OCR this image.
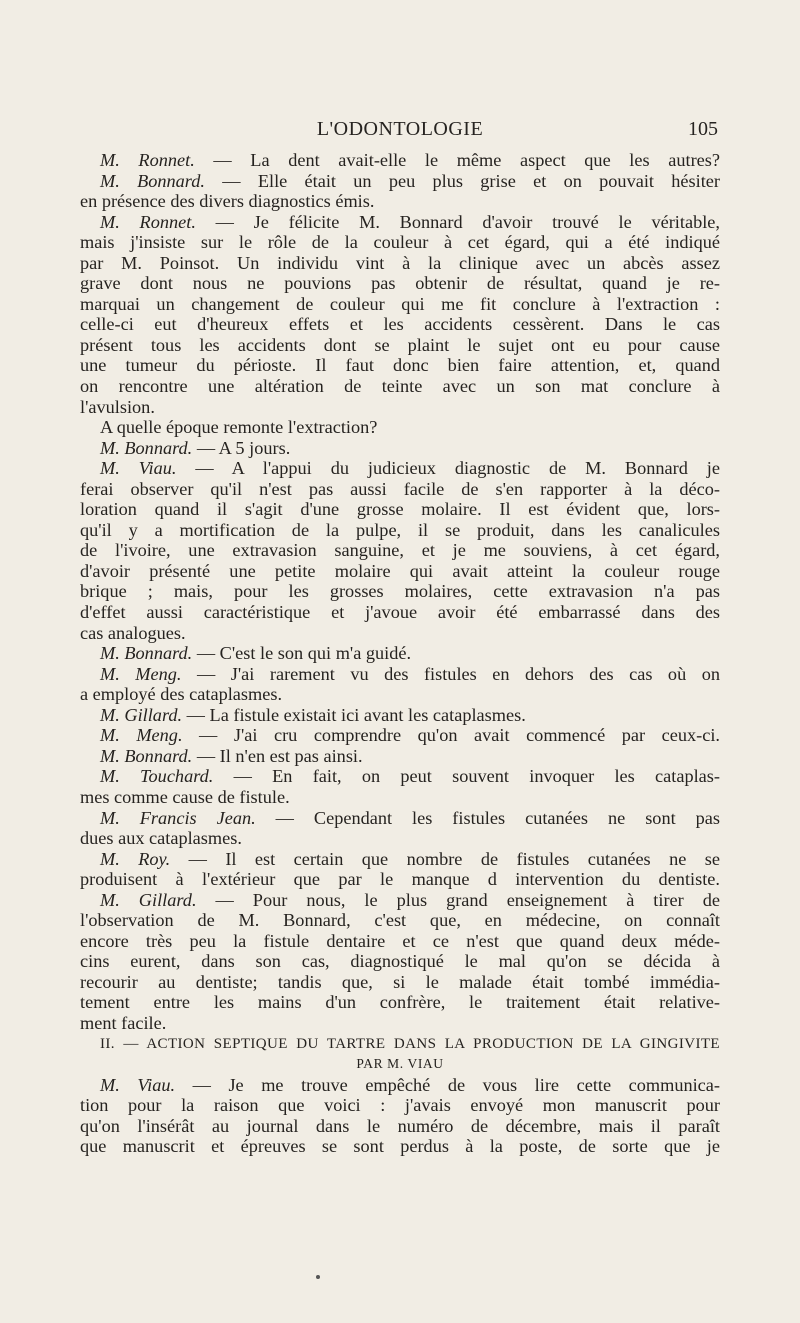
L'ODONTOLOGIE	105
M. Ronnet. — La dent avait-elle le même aspect que les autres?
M. Bonnard. — Elle était un peu plus grise et on pouvait hésiter
en présence des divers diagnostics émis.
M. Ronnet. — Je félicite M. Bonnard d'avoir trouvé le véritable,
mais j'insiste sur le rôle de la couleur à cet égard, qui a été indiqué
par M. Poinsot. Un individu vint à la clinique avec un abcès assez
grave dont nous ne pouvions pas obtenir de résultat, quand je re-
marquai un changement de couleur qui me fit conclure à l'extraction :
celle-ci eut d'heureux effets et les accidents cessèrent. Dans le cas
présent tous les accidents dont se plaint le sujet ont eu pour cause
une tumeur du périoste. Il faut donc bien faire attention, et, quand
on rencontre une altération de teinte avec un son mat conclure à
l'avulsion.
A quelle époque remonte l'extraction?
M. Bonnard. — A 5 jours.
M. Viau. — A l'appui du judicieux diagnostic de M. Bonnard je
ferai observer qu'il n'est pas aussi facile de s'en rapporter à la déco-
loration quand il s'agit d'une grosse molaire. Il est évident que, lors-
qu'il y a mortification de la pulpe, il se produit, dans les canalicules
de l'ivoire, une extravasion sanguine, et je me souviens, à cet égard,
d'avoir présenté une petite molaire qui avait atteint la couleur rouge
brique ; mais, pour les grosses molaires, cette extravasion n'a pas
d'effet aussi caractéristique et j'avoue avoir été embarrassé dans des
cas analogues.
M. Bonnard. — C'est le son qui m'a guidé.
M. Meng. — J'ai rarement vu des fistules en dehors des cas où on
a employé des cataplasmes.
M. Gillard. — La fistule existait ici avant les cataplasmes.
M. Meng. — J'ai cru comprendre qu'on avait commencé par ceux-ci.
M. Bonnard. — Il n'en est pas ainsi.
M. Touchard. — En fait, on peut souvent invoquer les cataplas-
mes comme cause de fistule.
M. Francis Jean. — Cependant les fistules cutanées ne sont pas
dues aux cataplasmes.
M. Roy. — Il est certain que nombre de fistules cutanées ne se
produisent à l'extérieur que par le manque d intervention du dentiste.
M. Gillard. — Pour nous, le plus grand enseignement à tirer de
l'observation de M. Bonnard, c'est que, en médecine, on connaît
encore très peu la fistule dentaire et ce n'est que quand deux méde-
cins eurent, dans son cas, diagnostiqué le mal qu'on se décida à
recourir au dentiste; tandis que, si le malade était tombé immédia-
tement entre les mains d'un confrère, le traitement était relative-
ment facile.
II. — ACTION SEPTIQUE DU TARTRE DANS LA PRODUCTION DE LA GINGIVITE
PAR M. VIAU
M. Viau. — Je me trouve empêché de vous lire cette communica-
tion pour la raison que voici : j'avais envoyé mon manuscrit pour
qu'on l'insérât au journal dans le numéro de décembre, mais il paraît
que manuscrit et épreuves se sont perdus à la poste, de sorte que je
